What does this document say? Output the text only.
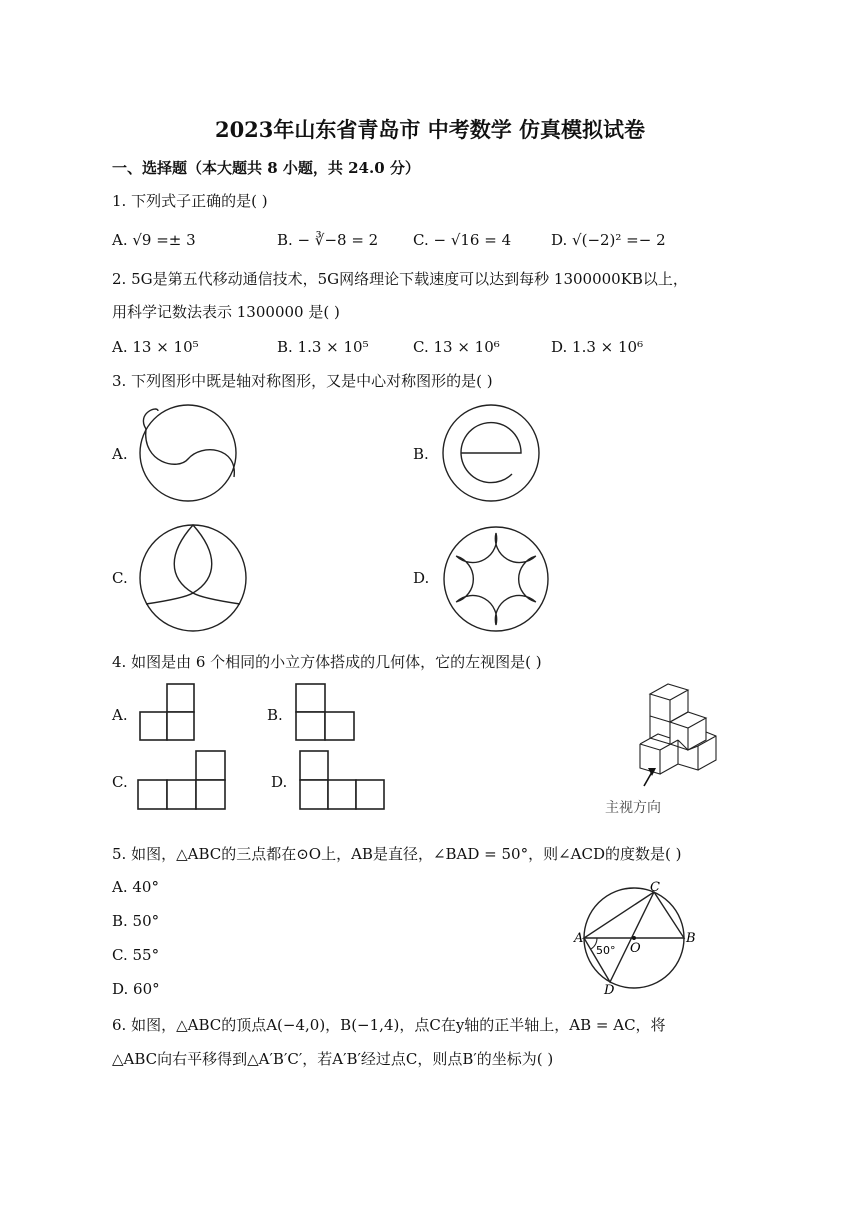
2023年山东省青岛市 中考数学 仿真模拟试卷
一、选择题（本大题共 8 小题，共 24.0 分）
1. 下列式子正确的是( )
A. √9 =± 3	B. − ∛−8 = 2 C. − √16 = 4	D. √(−2)² =− 2
2. 5G是第五代移动通信技术，5G网络理论下载速度可以达到每秒 1300000KB以上，
用科学记数法表示 1300000 是( )
A. 13 × 10⁵	B. 1.3 × 10⁵	C. 13 × 10⁶	D. 1.3 × 10⁶
3. 下列图形中既是轴对称图形，又是中心对称图形的是( )
A.	B.
C.	D.
4. 如图是由 6 个相同的小立方体搭成的几何体，它的左视图是( )
A.	B.
C.	D.
主视方向
5. 如图，△ABC的三点都在⊙O上，AB是直径，∠BAD = 50°，则∠ACD的度数是( )
A. 40°
B. 50°
C. 55°
D. 60°
A	B
C
D
O
50°
6. 如图，△ABC的顶点A(−4,0)，B(−1,4)，点C在y轴的正半轴上，AB = AC，将
△ABC向右平移得到△A′B′C′，若A′B′经过点C，则点B′的坐标为( )
